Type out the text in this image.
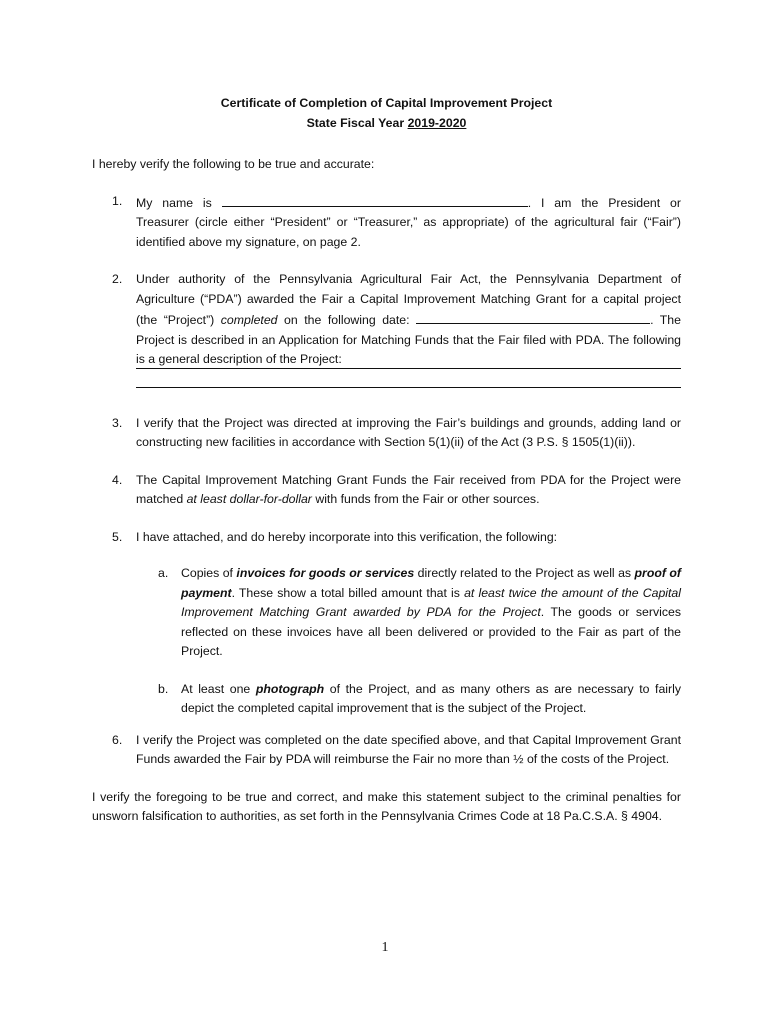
Certificate of Completion of Capital Improvement Project
State Fiscal Year 2019-2020

I hereby verify the following to be true and accurate:

1. My name is	. I am the President or Treasurer (circle either “President” or “Treasurer,” as appropriate) of the agricultural fair (“Fair”) identified above my signature, on page 2.
2. Under authority of the Pennsylvania Agricultural Fair Act, the Pennsylvania Department of Agriculture (“PDA”) awarded the Fair a Capital Improvement Matching Grant for a capital project (the “Project”) completed on the following date:	. The Project is described in an Application for Matching Funds that the Fair filed with PDA. The following is a general description of the Project:
3. I verify that the Project was directed at improving the Fair’s buildings and grounds, adding land or constructing new facilities in accordance with Section 5(1)(ii) of the Act (3 P.S. § 1505(1)(ii)).
4. The Capital Improvement Matching Grant Funds the Fair received from PDA for the Project were matched at least dollar-for-dollar with funds from the Fair or other sources.
5. I have attached, and do hereby incorporate into this verification, the following:
a. Copies of invoices for goods or services directly related to the Project as well as proof of payment. These show a total billed amount that is at least twice the amount of the Capital Improvement Matching Grant awarded by PDA for the Project. The goods or services reflected on these invoices have all been delivered or provided to the Fair as part of the Project.
b. At least one photograph of the Project, and as many others as are necessary to fairly depict the completed capital improvement that is the subject of the Project.
6. I verify the Project was completed on the date specified above, and that Capital Improvement Grant Funds awarded the Fair by PDA will reimburse the Fair no more than ½ of the costs of the Project.

I verify the foregoing to be true and correct, and make this statement subject to the criminal penalties for unsworn falsification to authorities, as set forth in the Pennsylvania Crimes Code at 18 Pa.C.S.A. § 4904.

1
